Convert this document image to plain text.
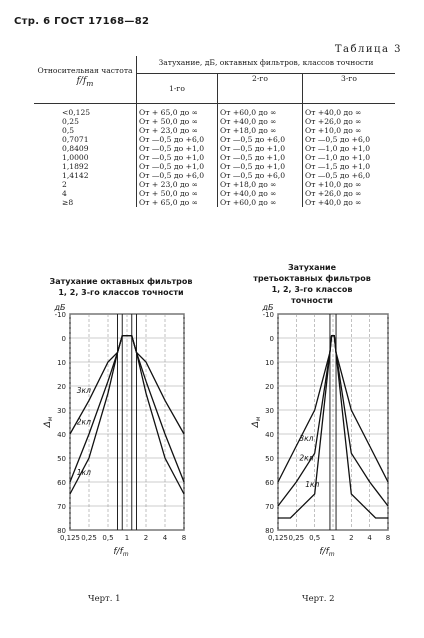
Стр. 6 ГОСТ 17168—82
Таблица 3
Относительная частота
$f/f_m$	Затухание, дБ, октавных фильтров, классов точности		
	1-го	2-го	3-го
<0,125	От + 65,0 до ∞	От +60,0 до ∞	От +40,0 до ∞
0,25	От + 50,0 до ∞	От +40,0 до ∞	От +26,0 до ∞
0,5	От + 23,0 до ∞	От +18,0 до ∞	От +10,0 до ∞
0,7071	От —0,5 до +6,0	От —0,5 до +6,0	От —0,5 до +6,0
0,8409	От —0,5 до +1,0	От —0,5 до +1,0	От —1,0 до +1,0
1,0000	От —0,5 до +1,0	От —0,5 до +1,0	От —1,0 до +1,0
1,1892	От —0,5 до +1,0	От —0,5 до +1,0	От —1,5 до +1,0
1,4142	От —0,5 до +6,0	От —0,5 до +6,0	От —0,5 до +6,0
2	От + 23,0 до ∞	От +18,0 до ∞	От +10,0 до ∞
4	От + 50,0 до ∞	От +40,0 до ∞	От +26,0 до ∞
≥8	От + 65,0 до ∞	От +60,0 до ∞	От +40,0 до ∞
Затухание октавных фильтров 1, 2, 3-го классов точности
Затухание третьоктавных фильтров 1, 2, 3-го классов точности
-10
0
10
20
30
40
50
60
70
80
0,125 0,25 0,5 1 2 4 8
1кл
2кл
3кл
дБ
$\Delta_м$
$f/f_m$
-10
0
10
20
30
40
50
60
70
80
0,125 0,25 0,5 1 2 4 8
1кл
2кл
3кл
дБ
$\Delta_м$
$f/f_m$
Черт. 1	Черт. 2
